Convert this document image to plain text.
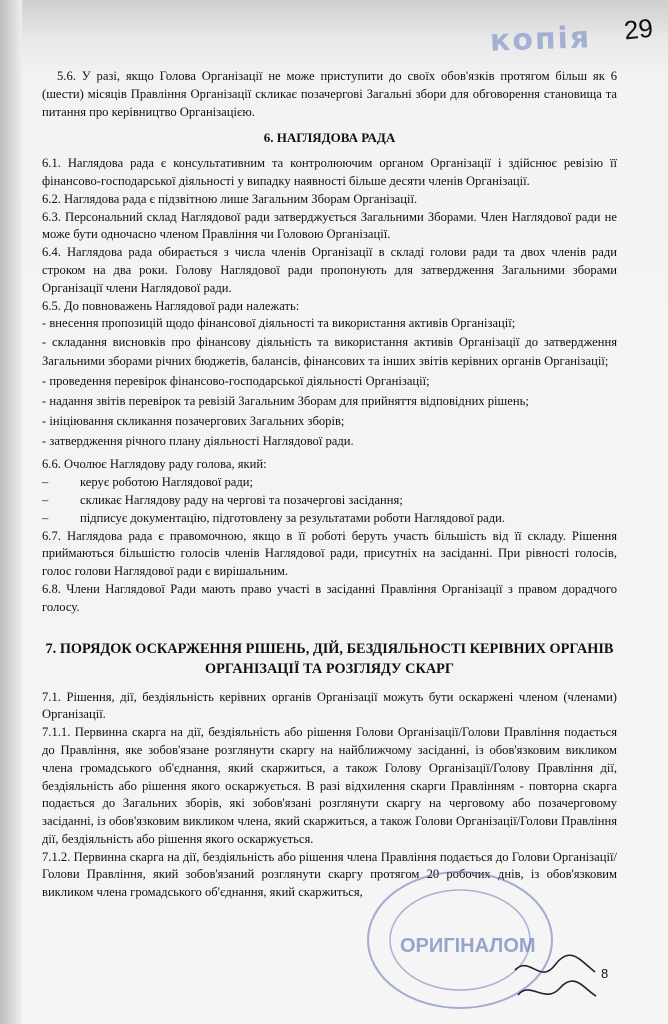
копія 29

5.6. У разі, якщо Голова Організації не може приступити до своїх обов'язків протягом більш як 6 (шести) місяців Правління Організації скликає позачергові Загальні збори для обговорення становища та питання про керівництво Організацією.

6. НАГЛЯДОВА РАДА

6.1. Наглядова рада є консультативним та контролюючим органом Організації і здійснює ревізію її фінансово-господарської діяльності у випадку наявності більше десяти членів Організації.

6.2. Наглядова рада є підзвітною лише Загальним Зборам Організації.

6.3. Персональний склад Наглядової ради затверджується Загальними Зборами. Член Наглядової ради не може бути одночасно членом Правління чи Головою Організації.

6.4. Наглядова рада обирається з числа членів Організації в складі голови ради та двох членів ради строком на два роки. Голову Наглядової ради пропонують для затвердження Загальними зборами Організації члени Наглядової ради.

6.5. До повноважень Наглядової ради належать:

- внесення пропозицій щодо фінансової діяльності та використання активів Організації;

- складання висновків про фінансову діяльність та використання активів Організації до затвердження Загальними зборами річних бюджетів, балансів, фінансових та інших звітів керівних органів Організації;

- проведення перевірок фінансово-господарської діяльності Організації;

- надання звітів перевірок та ревізій Загальним Зборам для прийняття відповідних рішень;

- ініціювання скликання позачергових Загальних зборів;

- затвердження річного плану діяльності Наглядової ради.

6.6. Очолює Наглядову раду голова, який:

–	керує роботою Наглядової ради;
–	скликає Наглядову раду на чергові та позачергові засідання;
–	підписує документацію, підготовлену за результатами роботи Наглядової ради.

6.7. Наглядова рада є правомочною, якщо в її роботі беруть участь більшість від її складу. Рішення приймаються більшістю голосів членів Наглядової ради, присутніх на засіданні. При рівності голосів, голос голови Наглядової ради є вирішальним.

6.8. Члени Наглядової Ради мають право участі в засіданні Правління Організації з правом дорадчого голосу.

7. ПОРЯДОК ОСКАРЖЕННЯ РІШЕНЬ, ДІЙ, БЕЗДІЯЛЬНОСТІ КЕРІВНИХ ОРГАНІВ ОРГАНІЗАЦІЇ ТА РОЗГЛЯДУ СКАРГ

7.1. Рішення, дії, бездіяльність керівних органів Організації можуть бути оскаржені членом (членами) Організації.

7.1.1. Первинна скарга на дії, бездіяльність або рішення Голови Організації/Голови Правління подається до Правління, яке зобов'язане розглянути скаргу на найближчому засіданні, із обов'язковим викликом члена громадського об'єднання, який скаржиться, а також Голову Організації/Голову Правління дії, бездіяльність або рішення якого оскаржується. В разі відхилення скарги Правлінням - повторна скарга подається до Загальних зборів, які зобов'язані розглянути скаргу на черговому або позачерговому засіданні, із обов'язковим викликом члена, який скаржиться, а також Голови Організації/Голови Правління дії, бездіяльність або рішення якого оскаржується.

7.1.2. Первинна скарга на дії, бездіяльність або рішення члена Правління подається до Голови Організації/Голови Правління, який зобов'язаний розглянути скаргу протягом 20 робочих днів, із обов'язковим викликом члена громадського об'єднання, який скаржиться,

ОРИГІНАЛОМ
8
